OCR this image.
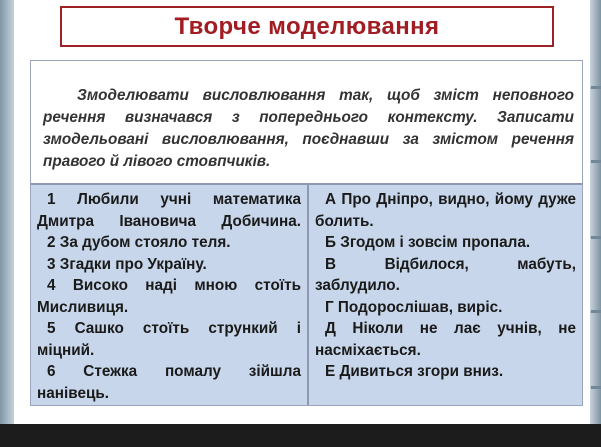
Творче моделювання
Змоделювати висловлювання так, щоб зміст неповного речення визначався з попереднього контексту. Записати змодельовані висловлювання, поєднавши за змістом речення правого й лівого стовпчиків.
1 Любили учні математика Дмитра Івановича Добичина.
2 За дубом стояло теля.
3 Згадки про Україну.
4 Високо наді мною стоїть Мисливиця.
5 Сашко стоїть стрункий і міцний.
6 Стежка помалу зійшла нанівець.
А Про Дніпро, видно, йому дуже болить.
Б Згодом і зовсім пропала.
В Відбилося, мабуть, заблудило.
Г Подорослішав, виріс.
Д Ніколи не лає учнів, не насміхається.
Е Дивиться згори вниз.
